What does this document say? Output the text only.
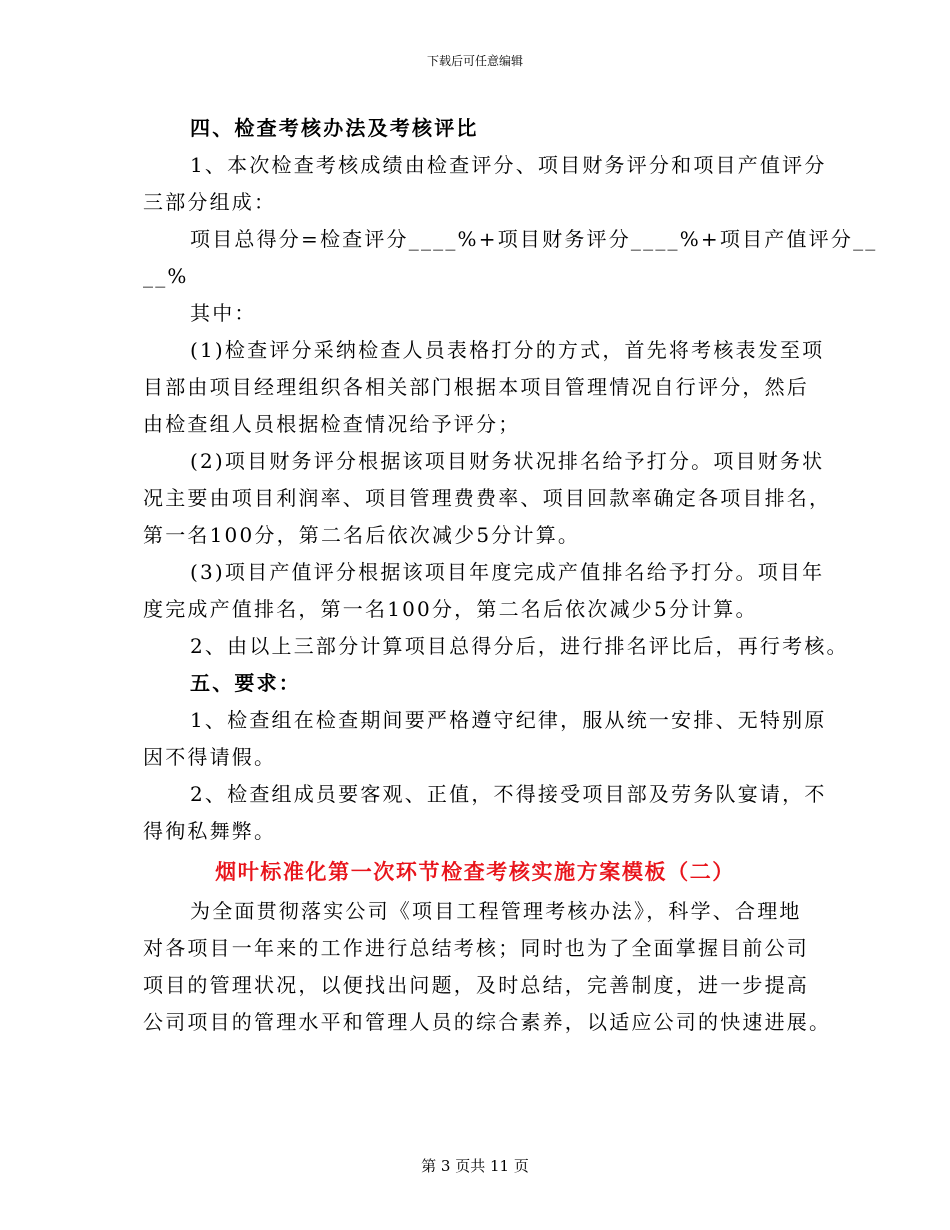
下载后可任意编辑
四、检查考核办法及考核评比
1、本次检查考核成绩由检查评分、项目财务评分和项目产值评分
三部分组成：
项目总得分=检查评分____%+项目财务评分____%+项目产值评分__
__%
其中：
(1)检查评分采纳检查人员表格打分的方式，首先将考核表发至项
目部由项目经理组织各相关部门根据本项目管理情况自行评分，然后
由检查组人员根据检查情况给予评分；
(2)项目财务评分根据该项目财务状况排名给予打分。项目财务状
况主要由项目利润率、项目管理费费率、项目回款率确定各项目排名，
第一名100分，第二名后依次减少5分计算。
(3)项目产值评分根据该项目年度完成产值排名给予打分。项目年
度完成产值排名，第一名100分，第二名后依次减少5分计算。
2、由以上三部分计算项目总得分后，进行排名评比后，再行考核。
五、要求：
1、检查组在检查期间要严格遵守纪律，服从统一安排、无特别原
因不得请假。
2、检查组成员要客观、正值，不得接受项目部及劳务队宴请，不
得徇私舞弊。
烟叶标准化第一次环节检查考核实施方案模板（二）
为全面贯彻落实公司《项目工程管理考核办法》，科学、合理地
对各项目一年来的工作进行总结考核；同时也为了全面掌握目前公司
项目的管理状况，以便找出问题，及时总结，完善制度，进一步提高
公司项目的管理水平和管理人员的综合素养，以适应公司的快速进展。
第 3 页共 11 页
